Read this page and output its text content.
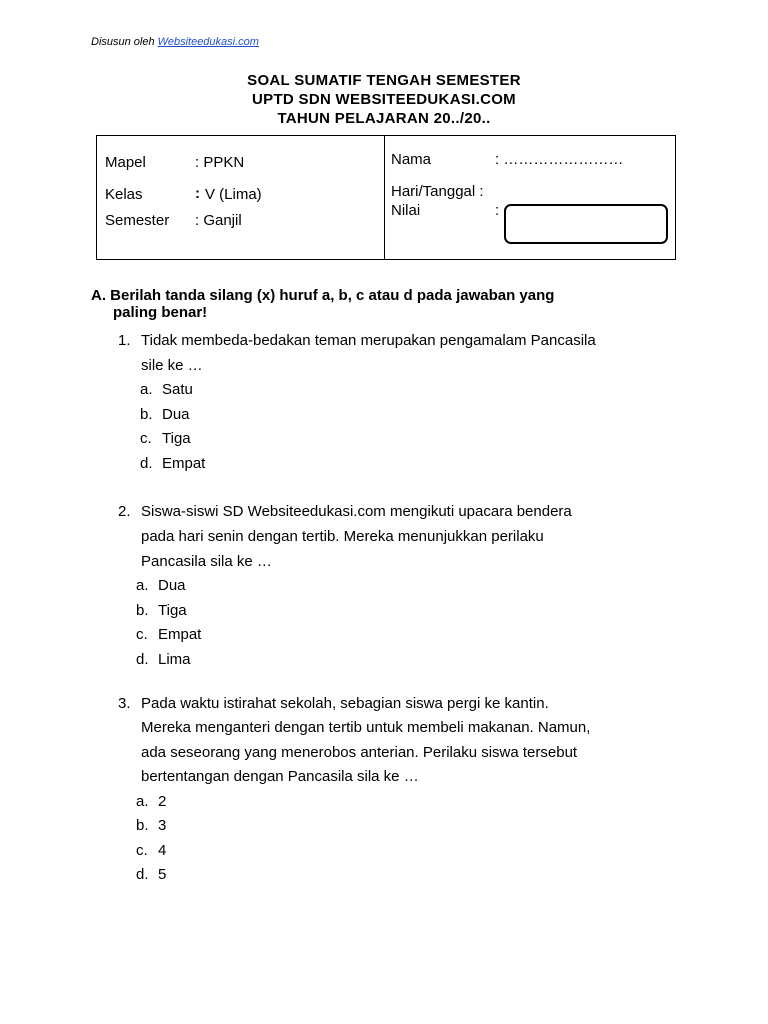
Disusun oleh Websiteedukasi.com
SOAL SUMATIF TENGAH SEMESTER
UPTD SDN WEBSITEEDUKASI.COM
TAHUN PELAJARAN 20../20..
Mapel	: PPKN
Kelas	: V (Lima)
Semester : Ganjil
Nama	: ……………………
Hari/Tanggal :
Nilai	:
A. Berilah tanda silang (x) huruf a, b, c atau d pada jawaban yang
paling benar!
1. Tidak membeda-bedakan teman merupakan pengamalam Pancasila
sile ke …
a. Satu
b. Dua
c. Tiga
d. Empat
2. Siswa-siswi SD Websiteedukasi.com mengikuti upacara bendera
pada hari senin dengan tertib. Mereka menunjukkan perilaku
Pancasila sila ke …
a. Dua
b. Tiga
c. Empat
d. Lima
3. Pada waktu istirahat sekolah, sebagian siswa pergi ke kantin.
Mereka menganteri dengan tertib untuk membeli makanan. Namun,
ada seseorang yang menerobos anterian. Perilaku siswa tersebut
bertentangan dengan Pancasila sila ke …
a. 2
b. 3
c. 4
d. 5
